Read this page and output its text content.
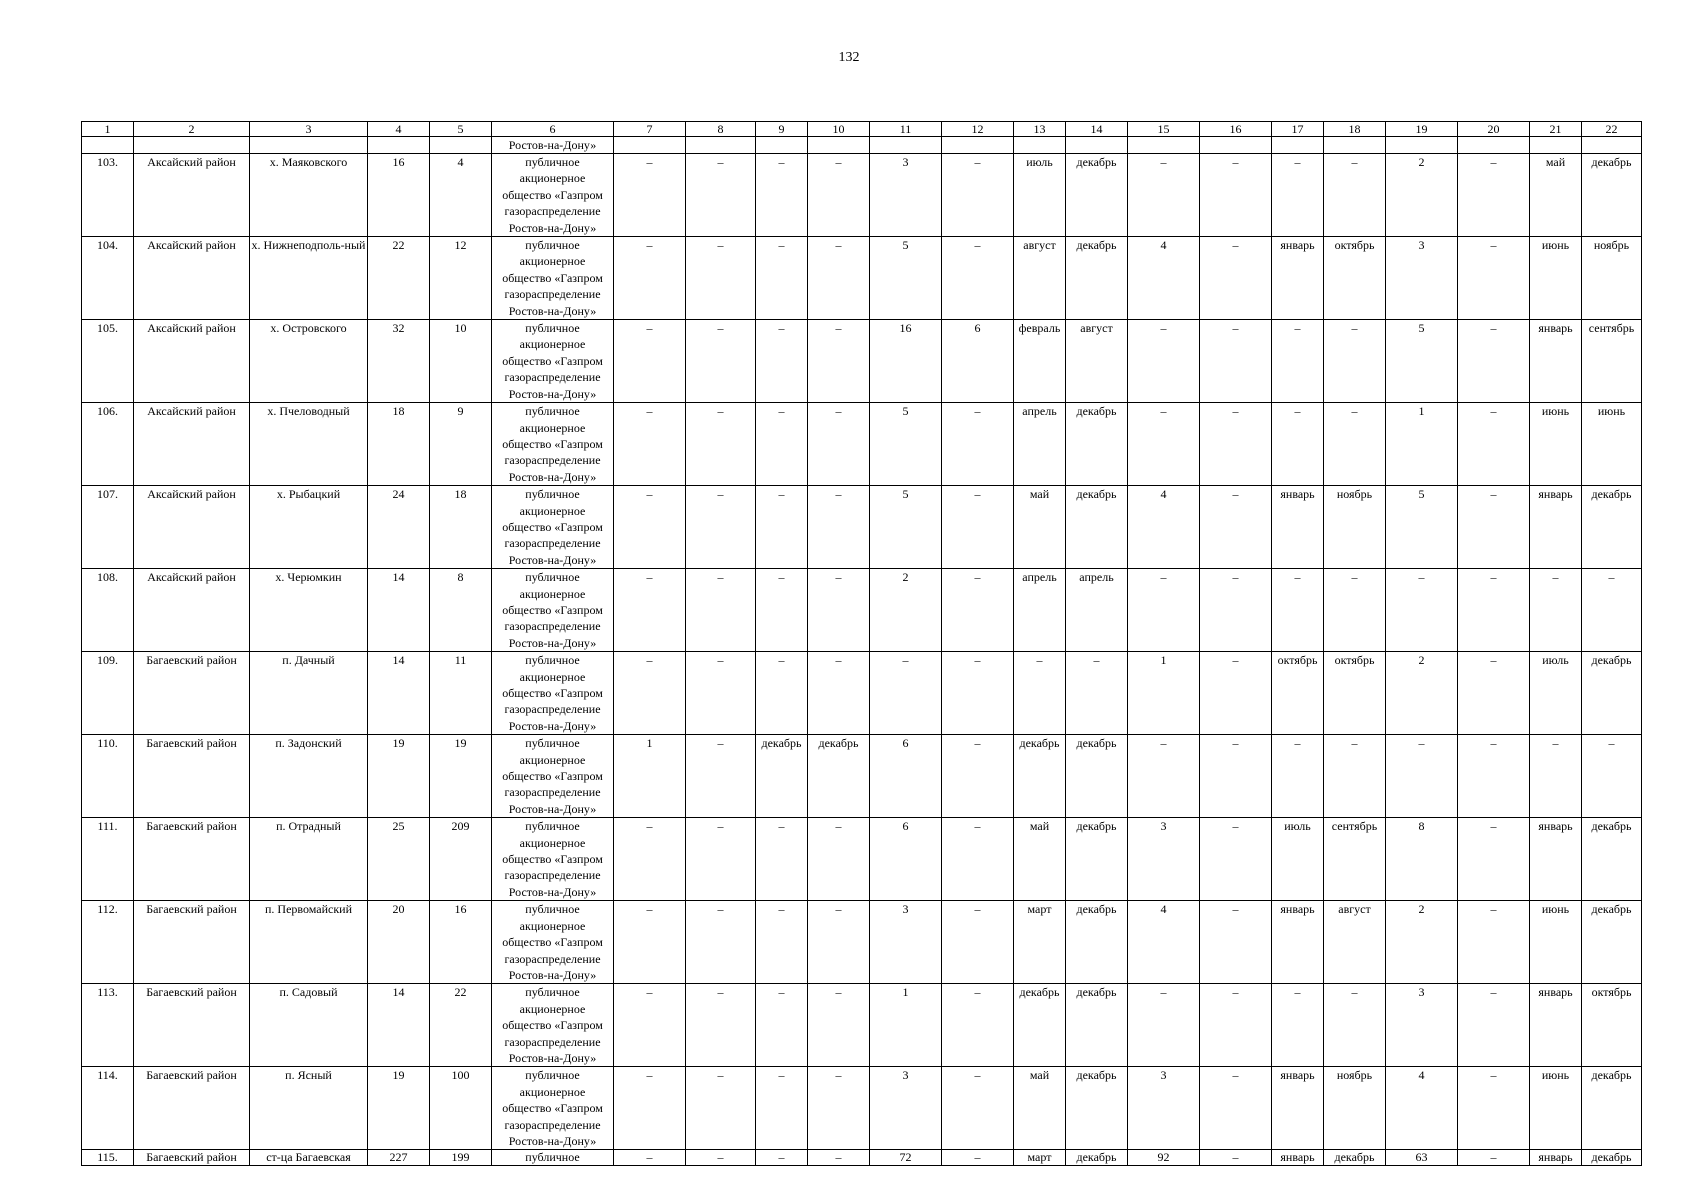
132
1	2	3	4	5	6	7	8	9	10	11	12	13	14	15	16	17	18	19	20	21	22
					Ростов-на-Дону»																
103.	Аксайский район	х. Маяковского	16	4	публичное
акционерное
общество «Газпром
газораспределение
Ростов-на-Дону»	–	–	–	–	3	–	июль	декабрь	–	–	–	–	2	–	май	декабрь
104.	Аксайский район	х. Нижнеподполь-ный	22	12	публичное
акционерное
общество «Газпром
газораспределение
Ростов-на-Дону»	–	–	–	–	5	–	август	декабрь	4	–	январь	октябрь	3	–	июнь	ноябрь
105.	Аксайский район	х. Островского	32	10	публичное
акционерное
общество «Газпром
газораспределение
Ростов-на-Дону»	–	–	–	–	16	6	февраль	август	–	–	–	–	5	–	январь	сентябрь
106.	Аксайский район	х. Пчеловодный	18	9	публичное
акционерное
общество «Газпром
газораспределение
Ростов-на-Дону»	–	–	–	–	5	–	апрель	декабрь	–	–	–	–	1	–	июнь	июнь
107.	Аксайский район	х. Рыбацкий	24	18	публичное
акционерное
общество «Газпром
газораспределение
Ростов-на-Дону»	–	–	–	–	5	–	май	декабрь	4	–	январь	ноябрь	5	–	январь	декабрь
108.	Аксайский район	х. Черюмкин	14	8	публичное
акционерное
общество «Газпром
газораспределение
Ростов-на-Дону»	–	–	–	–	2	–	апрель	апрель	–	–	–	–	–	–	–	–
109.	Багаевский район	п. Дачный	14	11	публичное
акционерное
общество «Газпром
газораспределение
Ростов-на-Дону»	–	–	–	–	–	–	–	–	1	–	октябрь	октябрь	2	–	июль	декабрь
110.	Багаевский район	п. Задонский	19	19	публичное
акционерное
общество «Газпром
газораспределение
Ростов-на-Дону»	1	–	декабрь	декабрь	6	–	декабрь	декабрь	–	–	–	–	–	–	–	–
111.	Багаевский район	п. Отрадный	25	209	публичное
акционерное
общество «Газпром
газораспределение
Ростов-на-Дону»	–	–	–	–	6	–	май	декабрь	3	–	июль	сентябрь	8	–	январь	декабрь
112.	Багаевский район	п. Первомайский	20	16	публичное
акционерное
общество «Газпром
газораспределение
Ростов-на-Дону»	–	–	–	–	3	–	март	декабрь	4	–	январь	август	2	–	июнь	декабрь
113.	Багаевский район	п. Садовый	14	22	публичное
акционерное
общество «Газпром
газораспределение
Ростов-на-Дону»	–	–	–	–	1	–	декабрь	декабрь	–	–	–	–	3	–	январь	октябрь
114.	Багаевский район	п. Ясный	19	100	публичное
акционерное
общество «Газпром
газораспределение
Ростов-на-Дону»	–	–	–	–	3	–	май	декабрь	3	–	январь	ноябрь	4	–	июнь	декабрь
115.	Багаевский район	ст-ца Багаевская	227	199	публичное	–	–	–	–	72	–	март	декабрь	92	–	январь	декабрь	63	–	январь	декабрь
